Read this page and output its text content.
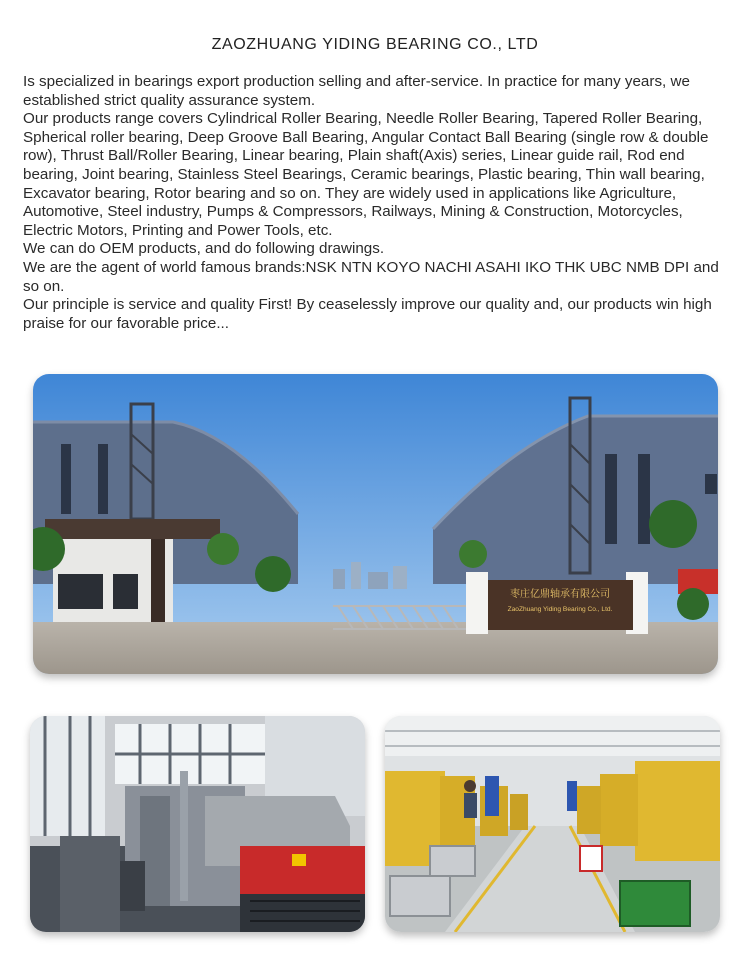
ZAOZHUANG YIDING BEARING CO., LTD

Is specialized in bearings export production selling and after-service. In practice for many years, we established strict quality assurance system.

Our products range covers Cylindrical Roller Bearing, Needle Roller Bearing, Tapered Roller Bearing, Spherical roller bearing, Deep Groove Ball Bearing, Angular Contact Ball Bearing (single row & double row), Thrust Ball/Roller Bearing, Linear bearing, Plain shaft(Axis) series, Linear guide rail, Rod end bearing, Joint bearing, Stainless Steel Bearings, Ceramic bearings, Plastic bearing, Thin wall bearing, Excavator bearing, Rotor bearing and so on. They are widely used in applications like Agriculture, Automotive, Steel industry, Pumps & Compressors, Railways, Mining & Construction, Motorcycles, Electric Motors, Printing and Power Tools, etc.

We can do OEM products, and do following drawings.

We are the agent of world famous brands:NSK NTN KOYO NACHI ASAHI IKO THK UBC NMB DPI and so on.

Our principle is service and quality First! By ceaselessly improve our quality and, our products win high praise for our favorable price...

枣庄亿鼎轴承有限公司
ZaoZhuang Yiding Bearing Co., Ltd.
